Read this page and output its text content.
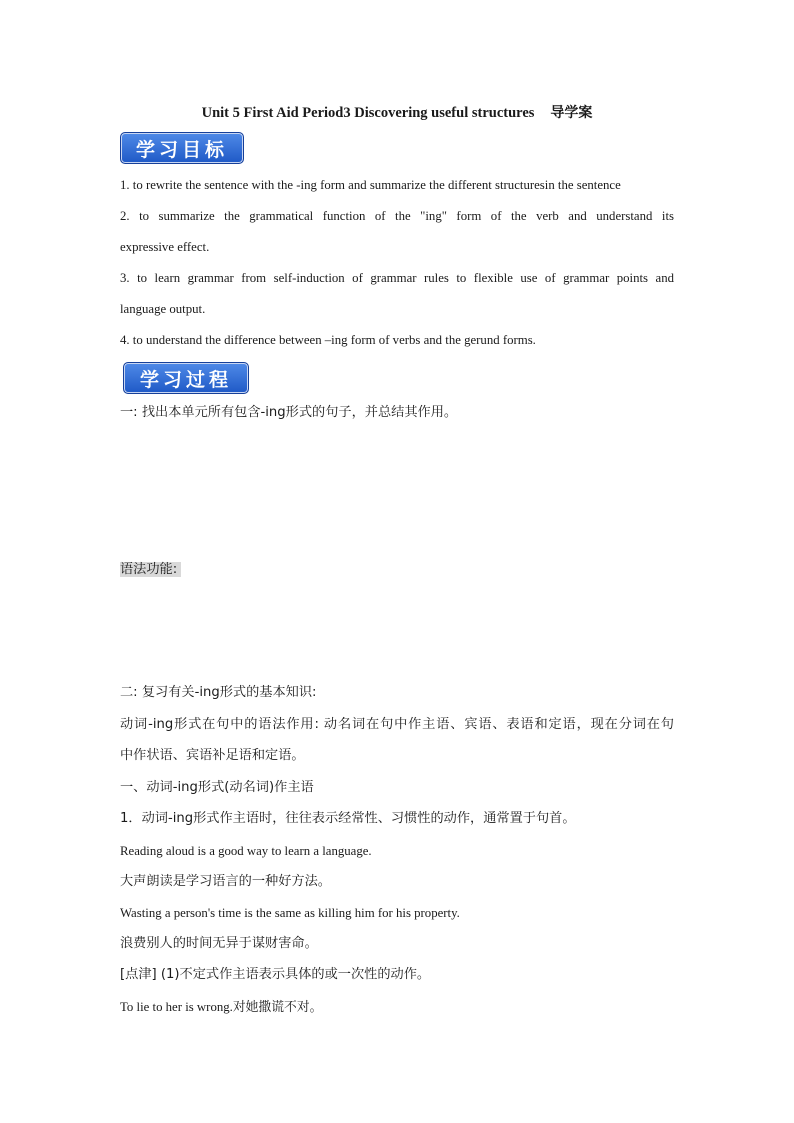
Unit 5 First Aid Period3 Discovering useful structures 导学案
学习目标
1. to rewrite the sentence with the -ing form and summarize the different structuresin the sentence
2. to summarize the grammatical function of the "ing" form of the verb and understand its
expressive effect.
3. to learn grammar from self-induction of grammar rules to flexible use of grammar points and
language output.
4. to understand the difference between –ing form of verbs and the gerund forms.
学习过程
一: 找出本单元所有包含-ing形式的句子，并总结其作用。
语法功能:
二: 复习有关-ing形式的基本知识:
动词-ing形式在句中的语法作用: 动名词在句中作主语、宾语、表语和定语，现在分词在句
中作状语、宾语补足语和定语。
一、动词-ing形式(动名词)作主语
1．动词-ing形式作主语时，往往表示经常性、习惯性的动作，通常置于句首。
Reading aloud is a good way to learn a language.
大声朗读是学习语言的一种好方法。
Wasting a person's time is the same as killing him for his property.
浪费别人的时间无异于谋财害命。
[点津] (1)不定式作主语表示具体的或一次性的动作。
To lie to her is wrong.对她撒谎不对。
